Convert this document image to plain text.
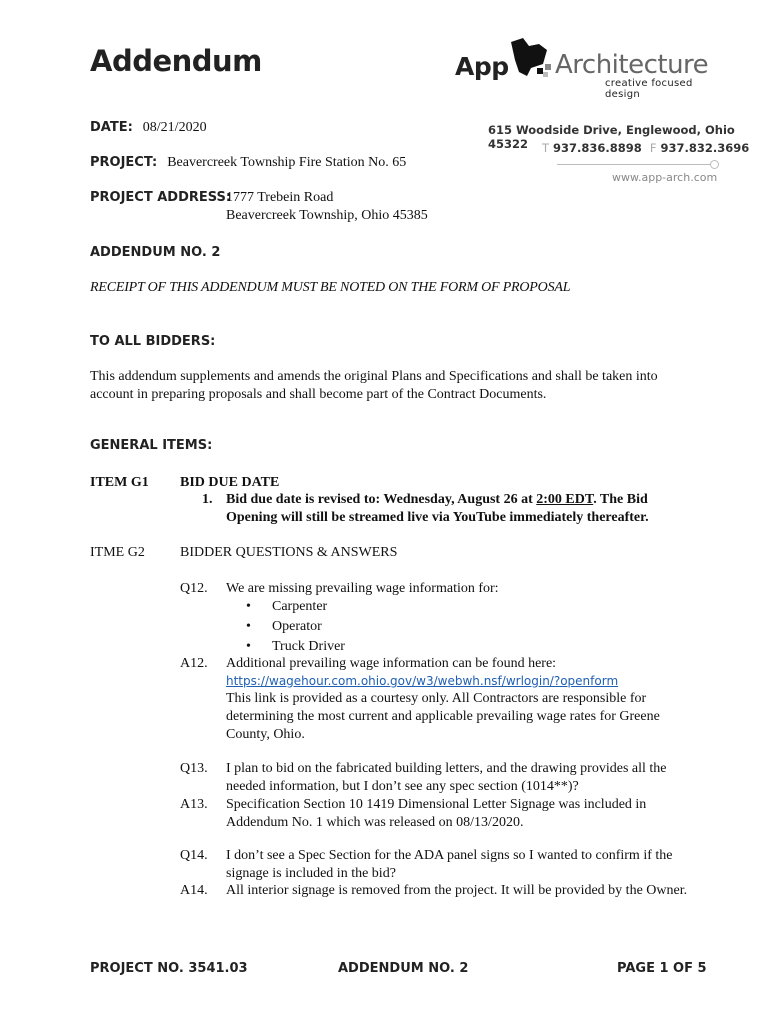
Addendum	App Architecture
creative focused design
615 Woodside Drive, Englewood, Ohio 45322	T 937.836.8898 F 937.832.3696
www.app-arch.com
DATE: 08/21/2020
PROJECT: Beavercreek Township Fire Station No. 65
PROJECT ADDRESS:
1777 Trebein Road
Beavercreek Township, Ohio 45385
ADDENDUM NO. 2
RECEIPT OF THIS ADDENDUM MUST BE NOTED ON THE FORM OF PROPOSAL
TO ALL BIDDERS:
This addendum supplements and amends the original Plans and Specifications and shall be taken into
account in preparing proposals and shall become part of the Contract Documents.
GENERAL ITEMS:
ITEM G1 BID DUE DATE
1. Bid due date is revised to: Wednesday, August 26 at 2:00 EDT. The Bid
Opening will still be streamed live via YouTube immediately thereafter.
ITME G2	BIDDER QUESTIONS & ANSWERS
Q12. We are missing prevailing wage information for:
• Carpenter
• Operator
• Truck Driver
A12. Additional prevailing wage information can be found here:
https://wagehour.com.ohio.gov/w3/webwh.nsf/wrlogin/?openform
This link is provided as a courtesy only. All Contractors are responsible for
determining the most current and applicable prevailing wage rates for Greene
County, Ohio.
Q13. I plan to bid on the fabricated building letters, and the drawing provides all the
needed information, but I don’t see any spec section (1014**)?
A13. Specification Section 10 1419 Dimensional Letter Signage was included in
Addendum No. 1 which was released on 08/13/2020.
Q14. I don’t see a Spec Section for the ADA panel signs so I wanted to confirm if the
signage is included in the bid?
A14. All interior signage is removed from the project. It will be provided by the Owner.
PROJECT NO. 3541.03	ADDENDUM NO. 2	PAGE 1 OF 5
